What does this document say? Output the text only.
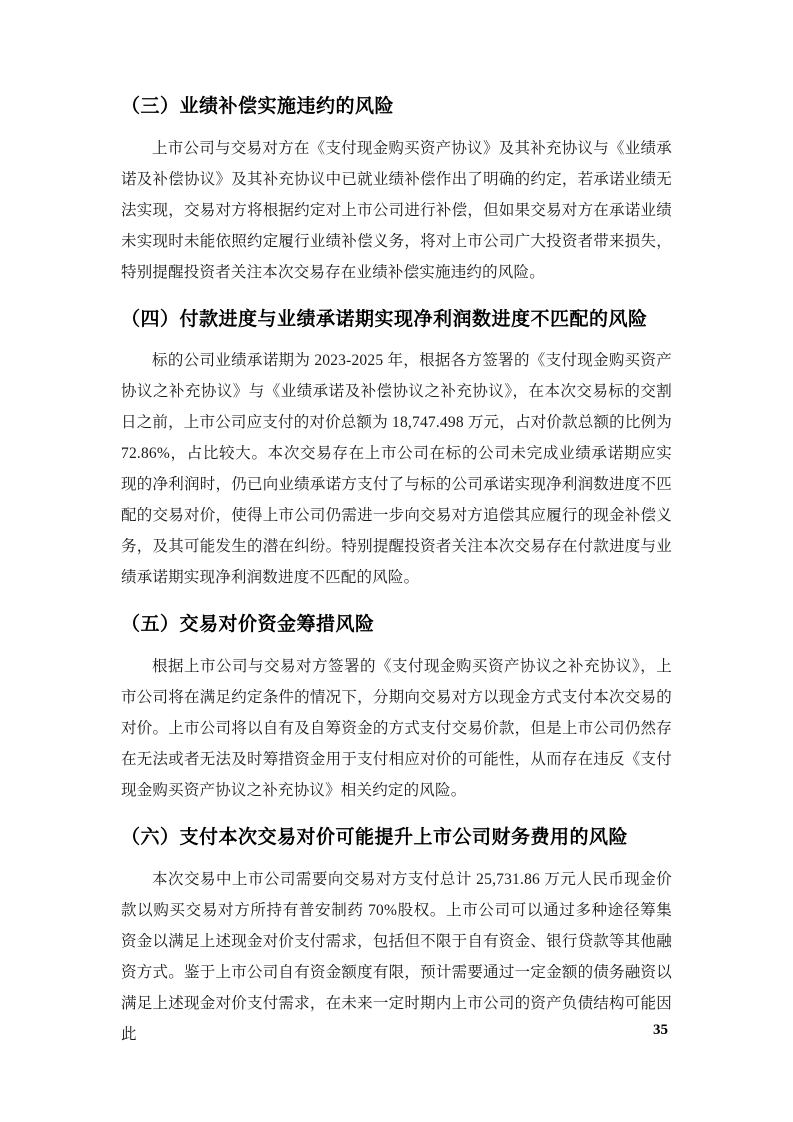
（三）业绩补偿实施违约的风险

上市公司与交易对方在《支付现金购买资产协议》及其补充协议与《业绩承诺及补偿协议》及其补充协议中已就业绩补偿作出了明确的约定，若承诺业绩无法实现，交易对方将根据约定对上市公司进行补偿，但如果交易对方在承诺业绩未实现时未能依照约定履行业绩补偿义务，将对上市公司广大投资者带来损失，特别提醒投资者关注本次交易存在业绩补偿实施违约的风险。

（四）付款进度与业绩承诺期实现净利润数进度不匹配的风险

标的公司业绩承诺期为 2023-2025 年，根据各方签署的《支付现金购买资产协议之补充协议》与《业绩承诺及补偿协议之补充协议》，在本次交易标的交割日之前，上市公司应支付的对价总额为 18,747.498 万元，占对价款总额的比例为 72.86%，占比较大。本次交易存在上市公司在标的公司未完成业绩承诺期应实现的净利润时，仍已向业绩承诺方支付了与标的公司承诺实现净利润数进度不匹配的交易对价，使得上市公司仍需进一步向交易对方追偿其应履行的现金补偿义务，及其可能发生的潜在纠纷。特别提醒投资者关注本次交易存在付款进度与业绩承诺期实现净利润数进度不匹配的风险。

（五）交易对价资金筹措风险

根据上市公司与交易对方签署的《支付现金购买资产协议之补充协议》，上市公司将在满足约定条件的情况下，分期向交易对方以现金方式支付本次交易的对价。上市公司将以自有及自筹资金的方式支付交易价款，但是上市公司仍然存在无法或者无法及时筹措资金用于支付相应对价的可能性，从而存在违反《支付现金购买资产协议之补充协议》相关约定的风险。

（六）支付本次交易对价可能提升上市公司财务费用的风险

本次交易中上市公司需要向交易对方支付总计 25,731.86 万元人民币现金价款以购买交易对方所持有普安制药 70%股权。上市公司可以通过多种途径筹集资金以满足上述现金对价支付需求，包括但不限于自有资金、银行贷款等其他融资方式。鉴于上市公司自有资金额度有限，预计需要通过一定金额的债务融资以满足上述现金对价支付需求，在未来一定时期内上市公司的资产负债结构可能因此	35
